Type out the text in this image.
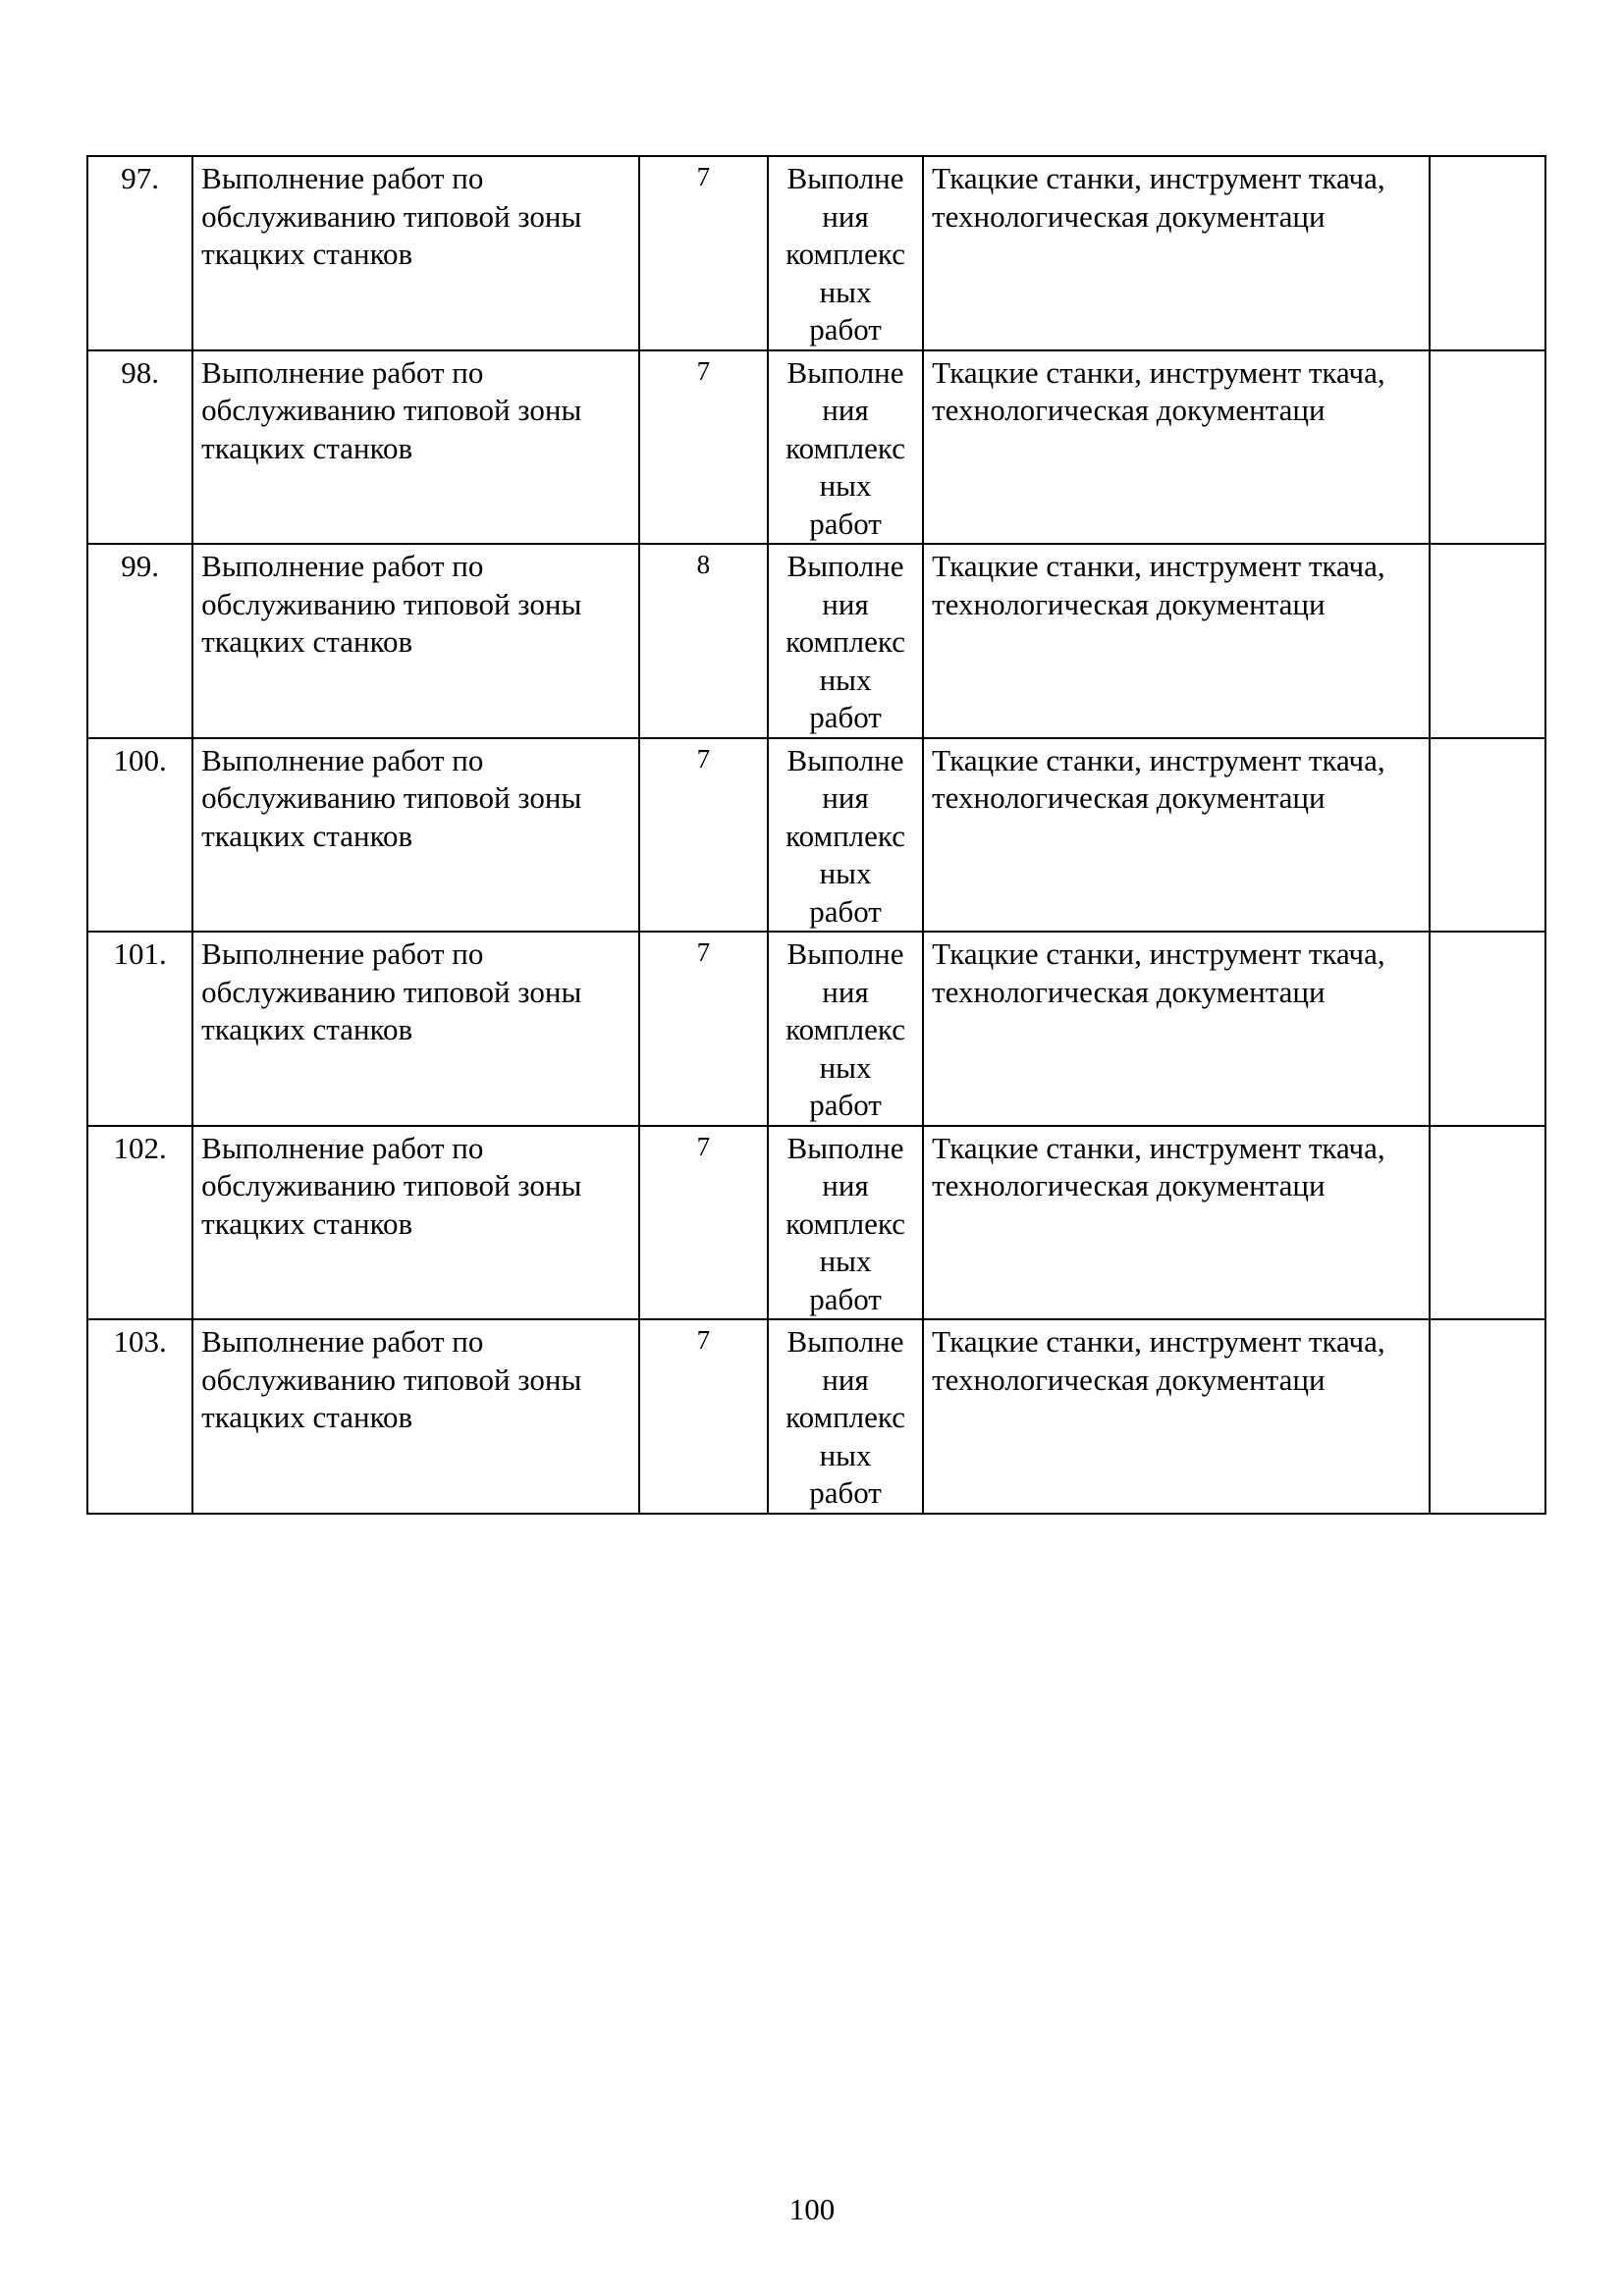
97.	Выполнение работ по
обслуживанию типовой зоны
ткацких станков	7	Выполне
ния
комплекс
ных
работ	Ткацкие станки, инструмент ткача,
технологическая документаци	

98.	Выполнение работ по
обслуживанию типовой зоны
ткацких станков	7	Выполне
ния
комплекс
ных
работ	Ткацкие станки, инструмент ткача,
технологическая документаци	

99.	Выполнение работ по
обслуживанию типовой зоны
ткацких станков	8	Выполне
ния
комплекс
ных
работ	Ткацкие станки, инструмент ткача,
технологическая документаци	

100.	Выполнение работ по
обслуживанию типовой зоны
ткацких станков	7	Выполне
ния
комплекс
ных
работ	Ткацкие станки, инструмент ткача,
технологическая документаци	

101.	Выполнение работ по
обслуживанию типовой зоны
ткацких станков	7	Выполне
ния
комплекс
ных
работ	Ткацкие станки, инструмент ткача,
технологическая документаци	

102.	Выполнение работ по
обслуживанию типовой зоны
ткацких станков	7	Выполне
ния
комплекс
ных
работ	Ткацкие станки, инструмент ткача,
технологическая документаци	

103.	Выполнение работ по
обслуживанию типовой зоны
ткацких станков	7	Выполне
ния
комплекс
ных
работ	Ткацкие станки, инструмент ткача,
технологическая документаци	

100
